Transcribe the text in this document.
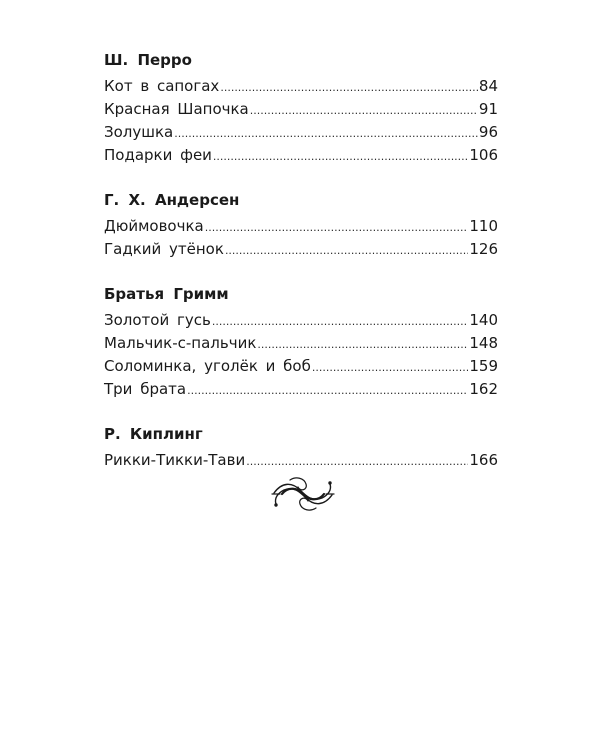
Ш. Перро
Кот в сапогах .....	84
Красная Шапочка .....	91
Золушка .....	96
Подарки феи .....	106
Г. Х. Андерсен
Дюймовочка .....	110
Гадкий утёнок .....	126
Братья Гримм
Золотой гусь .....	140
Мальчик-с-пальчик .....	148
Соломинка, уголёк и боб .....	159
Три брата .....	162
Р. Киплинг
Рикки-Тикки-Тави .....	166
